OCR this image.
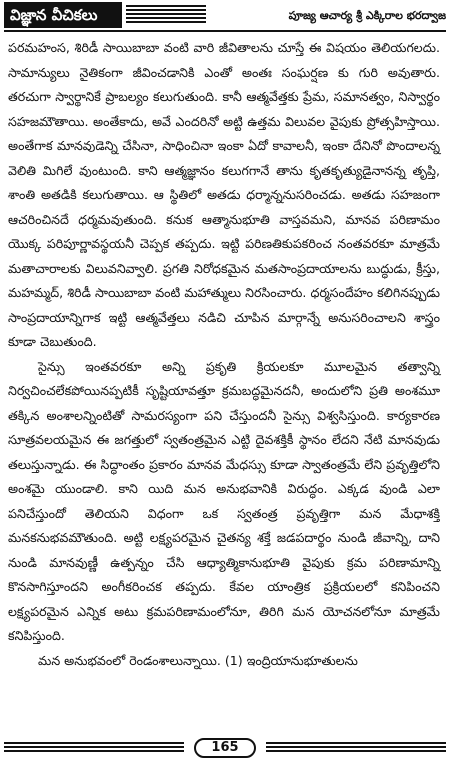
విజ్ఞాన వీచికలు	పూజ్య ఆచార్య శ్రీ ఎక్కిరాల భరద్వాజ

పరమహంస, శిరిడీ సాయిబాబా వంటి వారి జీవితాలను చూస్తే ఈ విషయం తెలియగలదు. సామాన్యులు నైతికంగా జీవించడానికి ఎంతో అంతః సంఘర్షణ కు గురి అవుతారు. తరచుగా స్వార్థానికే ప్రాబల్యం కలుగుతుంది. కానీ ఆత్మవేత్తకు ప్రేమ, సమానత్వం, నిస్వార్థం సహజమౌతాయి. అంతేకాదు, అవే ఎందరినో అట్టి ఉత్తమ విలువల వైపుకు ప్రోత్సహిస్తాయి. అంతేగాక మానవుడెన్ని చేసినా, సాధించినా ఇంకా ఏదో కావాలనీ, ఇంకా దేనినో పొందాలన్న వెలితి మిగిలే వుంటుంది. కాని ఆత్మజ్ఞానం కలుగగానే తాను కృతకృత్యుడైనానన్న తృప్తి, శాంతి అతడికి కలుగుతాయి. ఆ స్థితిలో అతడు ధర్మాన్ననుసరించడు. అతడు సహజంగా ఆచరించినదే ధర్మమవుతుంది. కనుక ఆత్మానుభూతి వాస్తవమని, మానవ పరిణామం యొక్క పరిపూర్ణావస్థయనీ చెప్పక తప్పదు. ఇట్టి పరిణతికుపకరించ నంతవరకూ మాత్రమే మతాచారాలకు విలువనివ్వాలి. ప్రగతి నిరోధకమైన మతసాంప్రదాయాలను బుద్ధుడు, క్రీస్తు, మహమ్మద్, శిరిడీ సాయిబాబా వంటి మహాత్ములు నిరసించారు. ధర్మసందేహం కలిగినప్పుడు సాంప్రదాయాన్నిగాక ఇట్టి ఆత్మవేత్తలు నడిచి చూపిన మార్గాన్నే అనుసరించాలని శాస్త్రం కూడా చెబుతుంది.

సైన్సు ఇంతవరకూ అన్ని ప్రకృతి క్రియలకూ మూలమైన తత్వాన్ని నిర్వచించలేకపోయినప్పటికీ సృష్టియావత్తూ క్రమబద్ధమైనదనీ, అందులోని ప్రతి అంశమూ తక్కిన అంశాలన్నింటితో సామరస్యంగా పని చేస్తుందనీ సైన్సు విశ్వసిస్తుంది. కార్యకారణ సూత్రవలయమైన ఈ జగత్తులో స్వతంత్రమైన ఎట్టి దైవశక్తికీ స్థానం లేదని నేటి మానవుడు తలుస్తున్నాడు. ఈ సిద్ధాంతం ప్రకారం మానవ మేధస్సు కూడా స్వాతంత్రమే లేని ప్రవృత్తిలోని అంశమై యుండాలి. కాని యిది మన అనుభవానికి విరుద్ధం. ఎక్కడ వుండి ఎలా పనిచేస్తుందో తెలియని విధంగా ఒక స్వతంత్ర ప్రవృత్తిగా మన మేధాశక్తి మనకనుభవమౌతుంది. అట్టి లక్ష్యపరమైన చైతన్య శక్తే జడపదార్థం నుండి జీవాన్ని, దాని నుండి మానవుణ్ణీ ఉత్పన్నం చేసి ఆధ్యాత్మికానుభూతి వైపుకు క్రమ పరిణామాన్ని కొనసాగిస్తూందని అంగీకరించక తప్పదు. కేవల యాంత్రిక ప్రక్రియలలో కనిపించని లక్ష్యపరమైన ఎన్నిక అటు క్రమపరిణామంలోనూ, తిరిగి మన యోచనలోనూ మాత్రమే కనిపిస్తుంది.

మన అనుభవంలో రెండంశాలున్నాయి. (1) ఇంద్రియానుభూతులను

165
